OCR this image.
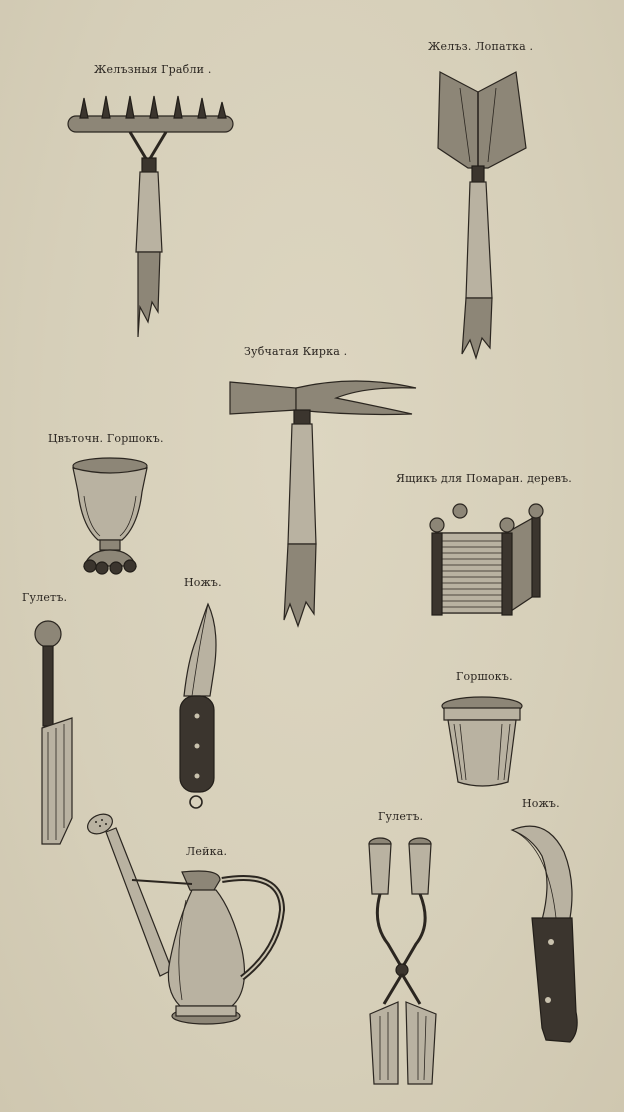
Желъзныя Грабли .
Желъз. Лопатка .
Зубчатая Кирка .
Цвъточн. Горшокъ.
Ящикъ для Помаран. деревъ.
Гулетъ.
Ножъ.
Горшокъ.
Ножъ.
Гулетъ.
Лейка.
